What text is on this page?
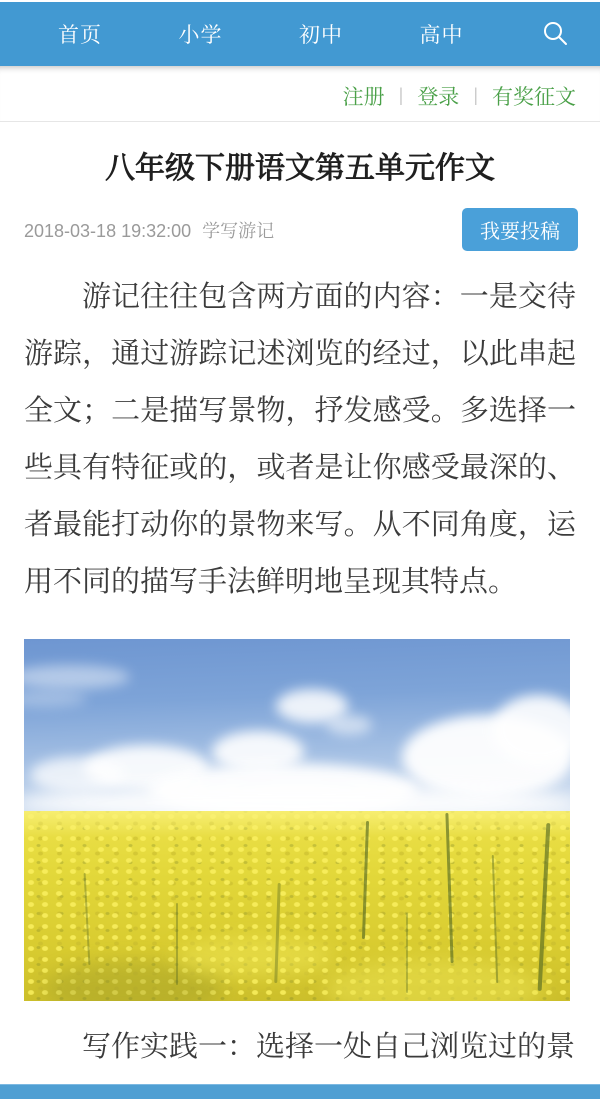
首页	小学	初中	高中
注册 | 登录 | 有奖征文
八年级下册语文第五单元作文
2018-03-18 19:32:00 学写游记	我要投稿

游记往往包含两方面的内容：一是交待游踪，通过游踪记述浏览的经过，以此串起全文；二是描写景物，抒发感受。多选择一些具有特征或的，或者是让你感受最深的、者最能打动你的景物来写。从不同角度，运用不同的描写手法鲜明地呈现其特点。

写作实践一：选择一处自己浏览过的景
